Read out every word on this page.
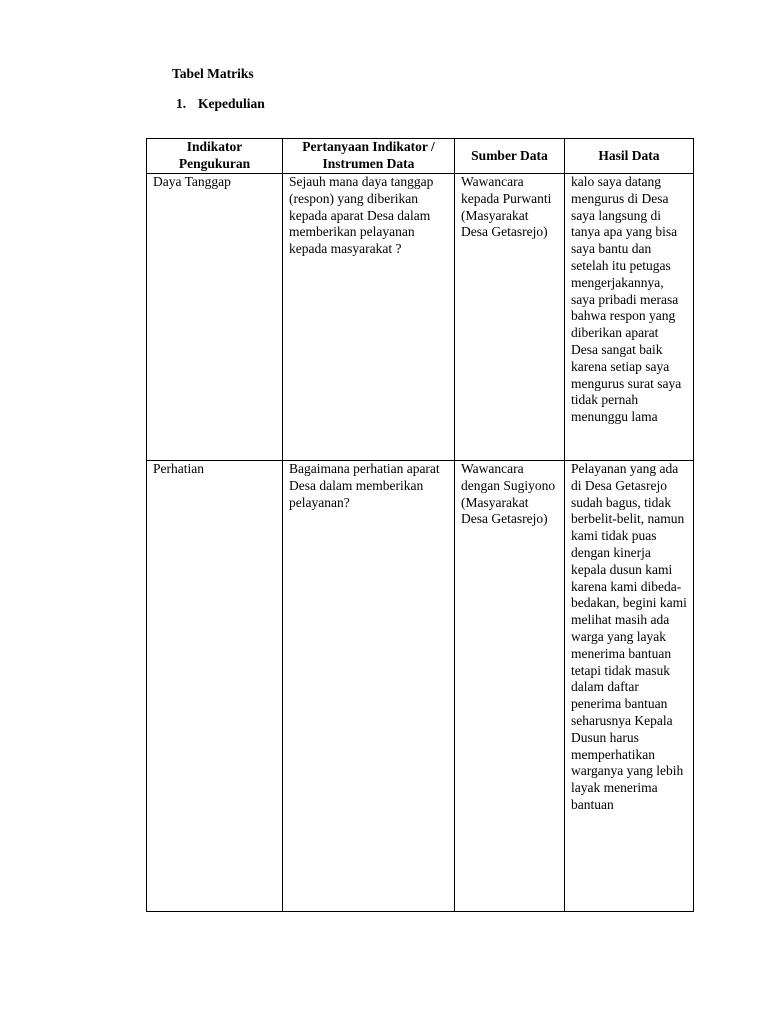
Tabel Matriks
1. Kepedulian
Indikator Pengukuran	Pertanyaan Indikator / Instrumen Data	Sumber Data	Hasil Data
Daya Tanggap	Sejauh mana daya tanggap (respon) yang diberikan kepada aparat Desa dalam memberikan pelayanan kepada masyarakat ?	Wawancara kepada Purwanti (Masyarakat Desa Getasrejo)	kalo saya datang mengurus di Desa saya langsung di tanya apa yang bisa saya bantu dan setelah itu petugas mengerjakannya, saya pribadi merasa bahwa respon yang diberikan aparat Desa sangat baik karena setiap saya mengurus surat saya tidak pernah menunggu lama
Perhatian	Bagaimana perhatian aparat Desa dalam memberikan pelayanan?	Wawancara dengan Sugiyono (Masyarakat Desa Getasrejo)	Pelayanan yang ada di Desa Getasrejo sudah bagus, tidak berbelit-belit, namun kami tidak puas dengan kinerja kepala dusun kami karena kami dibeda-bedakan, begini kami melihat masih ada warga yang layak menerima bantuan tetapi tidak masuk dalam daftar penerima bantuan seharusnya Kepala Dusun harus memperhatikan warganya yang lebih layak menerima bantuan
